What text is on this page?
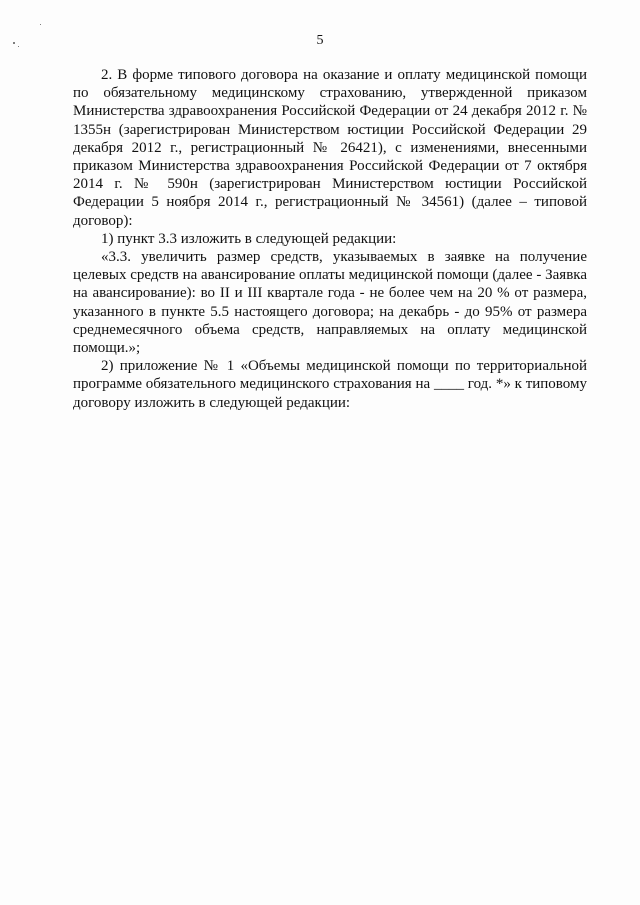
5

2. В форме типового договора на оказание и оплату медицинской помощи по обязательному медицинскому страхованию, утвержденной приказом Министерства здравоохранения Российской Федерации от 24 декабря 2012 г. № 1355н (зарегистрирован Министерством юстиции Российской Федерации 29 декабря 2012 г., регистрационный № 26421), с изменениями, внесенными приказом Министерства здравоохранения Российской Федерации от 7 октября 2014 г. № 590н (зарегистрирован Министерством юстиции Российской Федерации 5 ноября 2014 г., регистрационный № 34561) (далее – типовой договор):

1) пункт 3.3 изложить в следующей редакции:

«3.3. увеличить размер средств, указываемых в заявке на получение целевых средств на авансирование оплаты медицинской помощи (далее - Заявка на авансирование): во II и III квартале года - не более чем на 20 % от размера, указанного в пункте 5.5 настоящего договора; на декабрь - до 95% от размера среднемесячного объема средств, направляемых на оплату медицинской помощи.»;

2) приложение № 1 «Объемы медицинской помощи по территориальной программе обязательного медицинского страхования на ____ год. *» к типовому договору изложить в следующей редакции:
